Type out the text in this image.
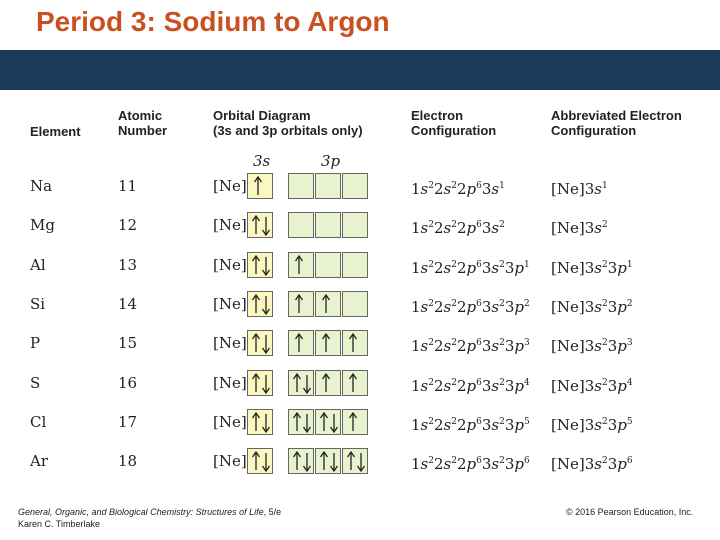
Period 3: Sodium to Argon
Element
Atomic
Number
Orbital Diagram
(3s and 3p orbitals only)
Electron
Configuration
Abbreviated Electron
Configuration
3s	3p
Na	11	[Ne]	$1s^22s^22p^63s^1$	$[Ne]3s^1$
Mg	12	[Ne]	$1s^22s^22p^63s^2$	$[Ne]3s^2$
Al	13	[Ne]	$1s^22s^22p^63s^23p^1$ $[Ne]3s^23p^1$
Si	14	[Ne]	$1s^22s^22p^63s^23p^2$ $[Ne]3s^23p^2$
P	15	[Ne]	$1s^22s^22p^63s^23p^3$ $[Ne]3s^23p^3$
S	16	[Ne]	$1s^22s^22p^63s^23p^4$ $[Ne]3s^23p^4$
Cl	17	[Ne]	$1s^22s^22p^63s^23p^5$ $[Ne]3s^23p^5$
Ar	18	[Ne]	$1s^22s^22p^63s^23p^6$ $[Ne]3s^23p^6$
General, Organic, and Biological Chemistry: Structures of Life, 5/e
Karen C. Timberlake
© 2016 Pearson Education, Inc.
